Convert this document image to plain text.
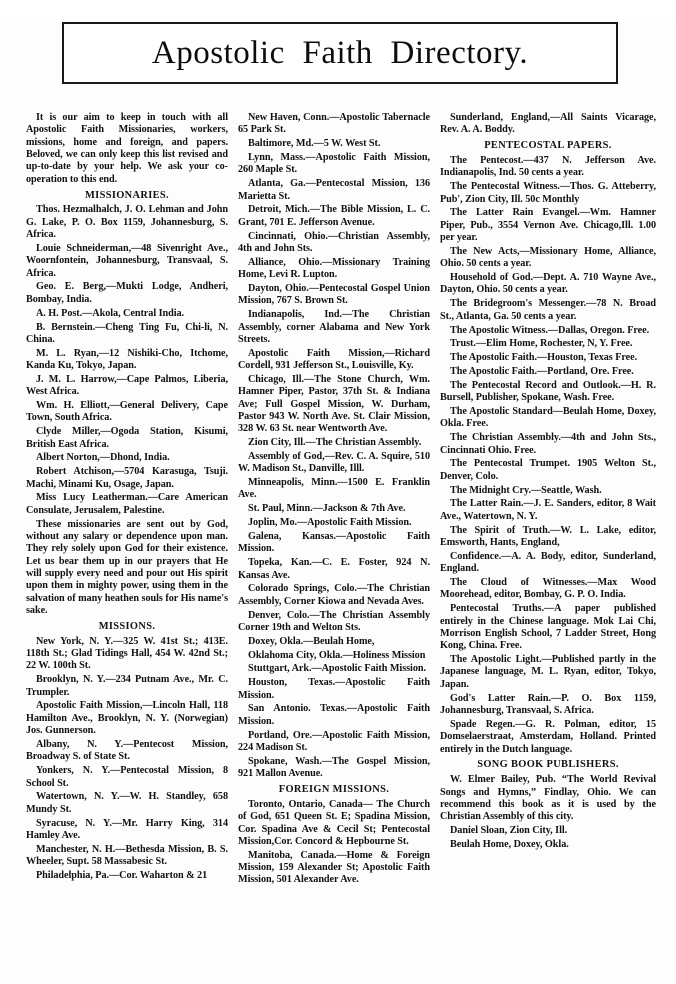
Apostolic Faith Directory.
It is our aim to keep in touch with all Apostolic Faith Missionaries, workers, missions, home and foreign, and papers. Beloved, we can only keep this list revised and up-to-date by your help. We ask your co-operation to this end.
MISSIONARIES.
Thos. Hezmalhalch, J. O. Lehman and John G. Lake, P. O. Box 1159, Johannesburg, S. Africa.
Louie Schneiderman,—48 Sivenright Ave., Woornfontein, Johannesburg, Transvaal, S. Africa.
Geo. E. Berg,—Mukti Lodge, Andheri, Bombay, India.
A. H. Post.—Akola, Central India.
B. Bernstein.—Cheng Ting Fu, Chi-li, N. China.
M. L. Ryan,—12 Nishiki-Cho, Itchome, Kanda Ku, Tokyo, Japan.
J. M. L. Harrow,—Cape Palmos, Liberia, West Africa.
Wm. H. Elliott,—General Delivery, Cape Town, South Africa.
Clyde Miller,—Ogoda Station, Kisumi, British East Africa.
Albert Norton,—Dhond, India.
Robert Atchison,—5704 Karasuga, Tsuji. Machi, Minami Ku, Osage, Japan.
Miss Lucy Leatherman.—Care American Consulate, Jerusalem, Palestine.
These missionaries are sent out by God, without any salary or dependence upon man. They rely solely upon God for their existence. Let us bear them up in our prayers that He will supply every need and pour out His spirit upon them in mighty power, using them in the salvation of many heathen souls for His name's sake.
MISSIONS.
New York, N. Y.—325 W. 41st St.; 413E. 118th St.; Glad Tidings Hall, 454 W. 42nd St.; 22 W. 100th St.
Brooklyn, N. Y.—234 Putnam Ave., Mr. C. Trumpler.
Apostolic Faith Mission,—Lincoln Hall, 118 Hamilton Ave., Brooklyn, N. Y. (Norwegian) Jos. Gunnerson.
Albany, N. Y.—Pentecost Mission, Broadway S. of State St.
Yonkers, N. Y.—Pentecostal Mission, 8 School St.
Watertown, N. Y.—W. H. Standley, 658 Mundy St.
Syracuse, N. Y.—Mr. Harry King, 314 Hamley Ave.
Manchester, N. H.—Bethesda Mission, B. S. Wheeler, Supt. 58 Massabesic St.
Philadelphia, Pa.—Cor. Waharton & 21
New Haven, Conn.—Apostolic Tabernacle 65 Park St.
Baltimore, Md.—5 W. West St.
Lynn, Mass.—Apostolic Faith Mission, 260 Maple St.
Atlanta, Ga.—Pentecostal Mission, 136 Marietta St.
Detroit, Mich.—The Bible Mission, L. C. Grant, 701 E. Jefferson Avenue.
Cincinnati, Ohio.—Christian Assembly, 4th and John Sts.
Alliance, Ohio.—Missionary Training Home, Levi R. Lupton.
Dayton, Ohio.—Pentecostal Gospel Union Mission, 767 S. Brown St.
Indianapolis, Ind.—The Christian Assembly, corner Alabama and New York Streets.
Apostolic Faith Mission,—Richard Cordell, 931 Jefferson St., Louisville, Ky.
Chicago, Ill.—The Stone Church, Wm. Hamner Piper, Pastor, 37th St. & Indiana Ave; Full Gospel Mission, W. Durham, Pastor 943 W. North Ave. St. Clair Mission, 328 W. 63 St. near Wentworth Ave.
Zion City, Ill.—The Christian Assembly.
Assembly of God,—Rev. C. A. Squire, 510 W. Madison St., Danville, Illl.
Minneapolis, Minn.—1500 E. Franklin Ave.
St. Paul, Minn.—Jackson & 7th Ave.
Joplin, Mo.—Apostolic Faith Mission.
Galena, Kansas.—Apostolic Faith Mission.
Topeka, Kan.—C. E. Foster, 924 N. Kansas Ave.
Colorado Springs, Colo.—The Christian Assembly, Corner Kiowa and Nevada Aves.
Denver, Colo.—The Christian Assembly Corner 19th and Welton Sts.
Doxey, Okla.—Beulah Home,
Oklahoma City, Okla.—Holiness Mission
Stuttgart, Ark.—Apostolic Faith Mission.
Houston, Texas.—Apostolic Faith Mission.
San Antonio. Texas.—Apostolic Faith Mission.
Portland, Ore.—Apostolic Faith Mission, 224 Madison St.
Spokane, Wash.—The Gospel Mission, 921 Mallon Avenue.
FOREIGN MISSIONS.
Toronto, Ontario, Canada— The Church of God, 651 Queen St. E; Spadina Mission, Cor. Spadina Ave & Cecil St; Pentecostal Mission,Cor. Concord & Hepbourne St.
Manitoba, Canada.—Home & Foreign Mission, 159 Alexander St; Apostolic Faith Mission, 501 Alexander Ave.
Sunderland, England,—All Saints Vicarage, Rev. A. A. Boddy.
PENTECOSTAL PAPERS.
The Pentecost.—437 N. Jefferson Ave. Indianapolis, Ind. 50 cents a year.
The Pentecostal Witness.—Thos. G. Atteberry, Pub', Zion City, Ill. 50c Monthly
The Latter Rain Evangel.—Wm. Hamner Piper, Pub., 3554 Vernon Ave. Chicago,Ill. 1.00 per year.
The New Acts,—Missionary Home, Alliance, Ohio. 50 cents a year.
Household of God.—Dept. A. 710 Wayne Ave., Dayton, Ohio. 50 cents a year.
The Bridegroom's Messenger.—78 N. Broad St., Atlanta, Ga. 50 cents a year.
The Apostolic Witness.—Dallas, Oregon. Free.
Trust.—Elim Home, Rochester, N, Y. Free.
The Apostolic Faith.—Houston, Texas Free.
The Apostolic Faith.—Portland, Ore. Free.
The Pentecostal Record and Outlook.—H. R. Bursell, Publisher, Spokane, Wash. Free.
The Apostolic Standard—Beulah Home, Doxey, Okla. Free.
The Christian Assembly.—4th and John Sts., Cincinnati Ohio. Free.
The Pentecostal Trumpet. 1905 Welton St., Denver, Colo.
The Midnight Cry.—Seattle, Wash.
The Latter Rain.—J. E. Sanders, editor, 8 Wait Ave., Watertown, N. Y.
The Spirit of Truth.—W. L. Lake, editor, Emsworth, Hants, England,
Confidence.—A. A. Body, editor, Sunderland, England.
The Cloud of Witnesses.—Max Wood Moorehead, editor, Bombay, G. P. O. India.
Pentecostal Truths.—A paper published entirely in the Chinese language. Mok Lai Chi, Morrison English School, 7 Ladder Street, Hong Kong, China. Free.
The Apostolic Light.—Published partly in the Japanese language, M. L. Ryan, editor, Tokyo, Japan.
God's Latter Rain.—P. O. Box 1159, Johannesburg, Transvaal, S. Africa.
Spade Regen.—G. R. Polman, editor, 15 Domselaerstraat, Amsterdam, Holland. Printed entirely in the Dutch language.
SONG BOOK PUBLISHERS.
W. Elmer Bailey, Pub. “The World Revival Songs and Hymns,” Findlay, Ohio. We can recommend this book as it is used by the Christian Assembly of this city.
Daniel Sloan, Zion City, Ill.
Beulah Home, Doxey, Okla.
